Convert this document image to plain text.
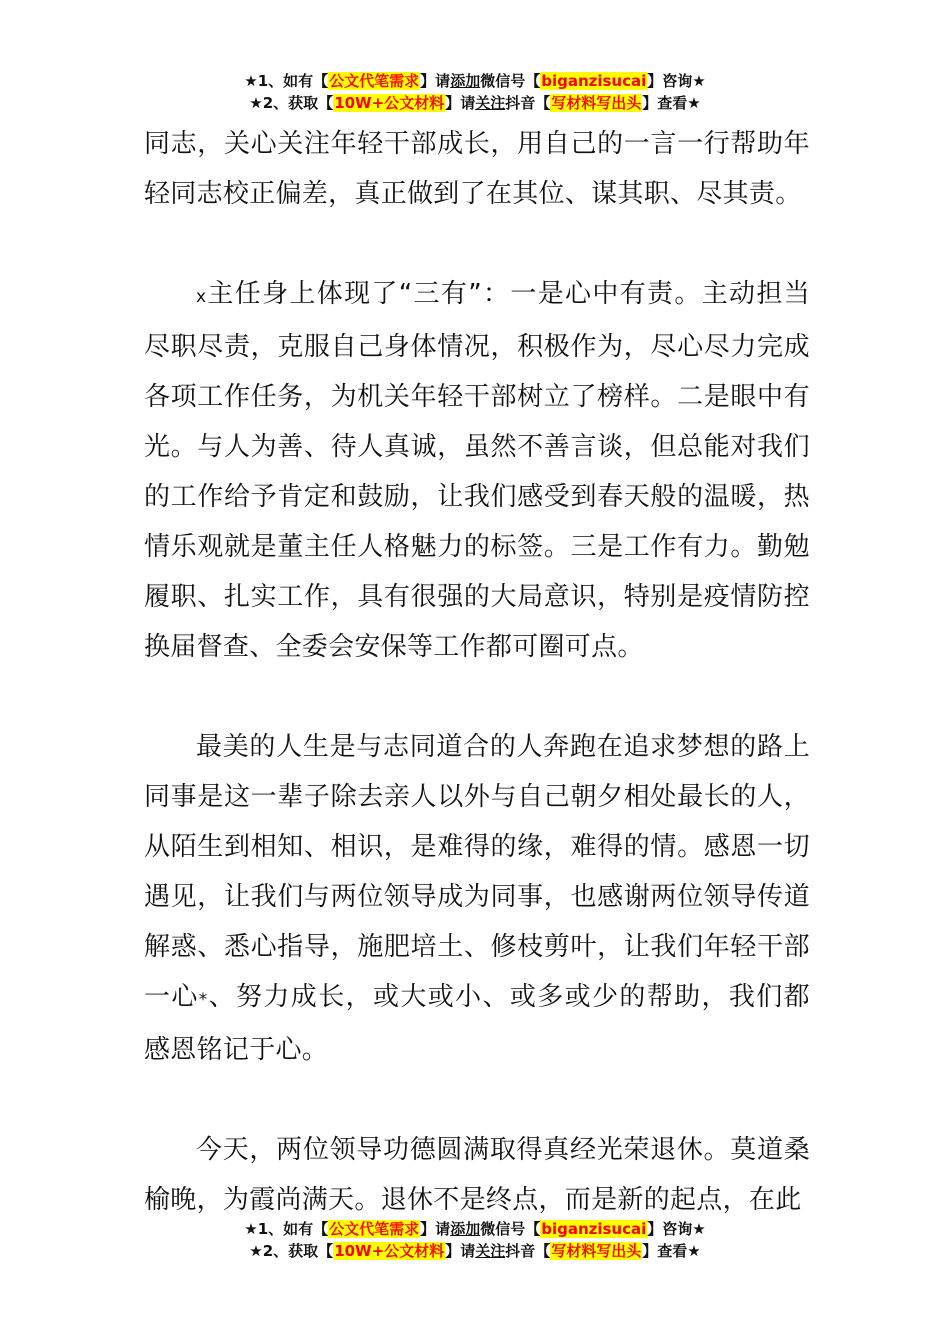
★1、如有【公文代笔需求】请添加微信号【biganzisucai】咨询★
★2、获取【10W+公文材料】请关注抖音【写材料写出头】查看★

同志，关心关注年轻干部成长，用自己的一言一行帮助年轻同志校正偏差，真正做到了在其位、谋其职、尽其责。

x主任身上体现了“三有”：一是心中有责。主动担当尽职尽责，克服自己身体情况，积极作为，尽心尽力完成各项工作任务，为机关年轻干部树立了榜样。二是眼中有光。与人为善、待人真诚，虽然不善言谈，但总能对我们的工作给予肯定和鼓励，让我们感受到春天般的温暖，热情乐观就是董主任人格魅力的标签。三是工作有力。勤勉履职、扎实工作，具有很强的大局意识，特别是疫情防控换届督查、全委会安保等工作都可圈可点。

最美的人生是与志同道合的人奔跑在追求梦想的路上同事是这一辈子除去亲人以外与自己朝夕相处最长的人，从陌生到相知、相识，是难得的缘，难得的情。感恩一切遇见，让我们与两位领导成为同事，也感谢两位领导传道解惑、悉心指导，施肥培土、修枝剪叶，让我们年轻干部一心*、努力成长，或大或小、或多或少的帮助，我们都感恩铭记于心。

今天，两位领导功德圆满取得真经光荣退休。莫道桑榆晚，为霞尚满天。退休不是终点，而是新的起点，在此

★1、如有【公文代笔需求】请添加微信号【biganzisucai】咨询★
★2、获取【10W+公文材料】请关注抖音【写材料写出头】查看★
